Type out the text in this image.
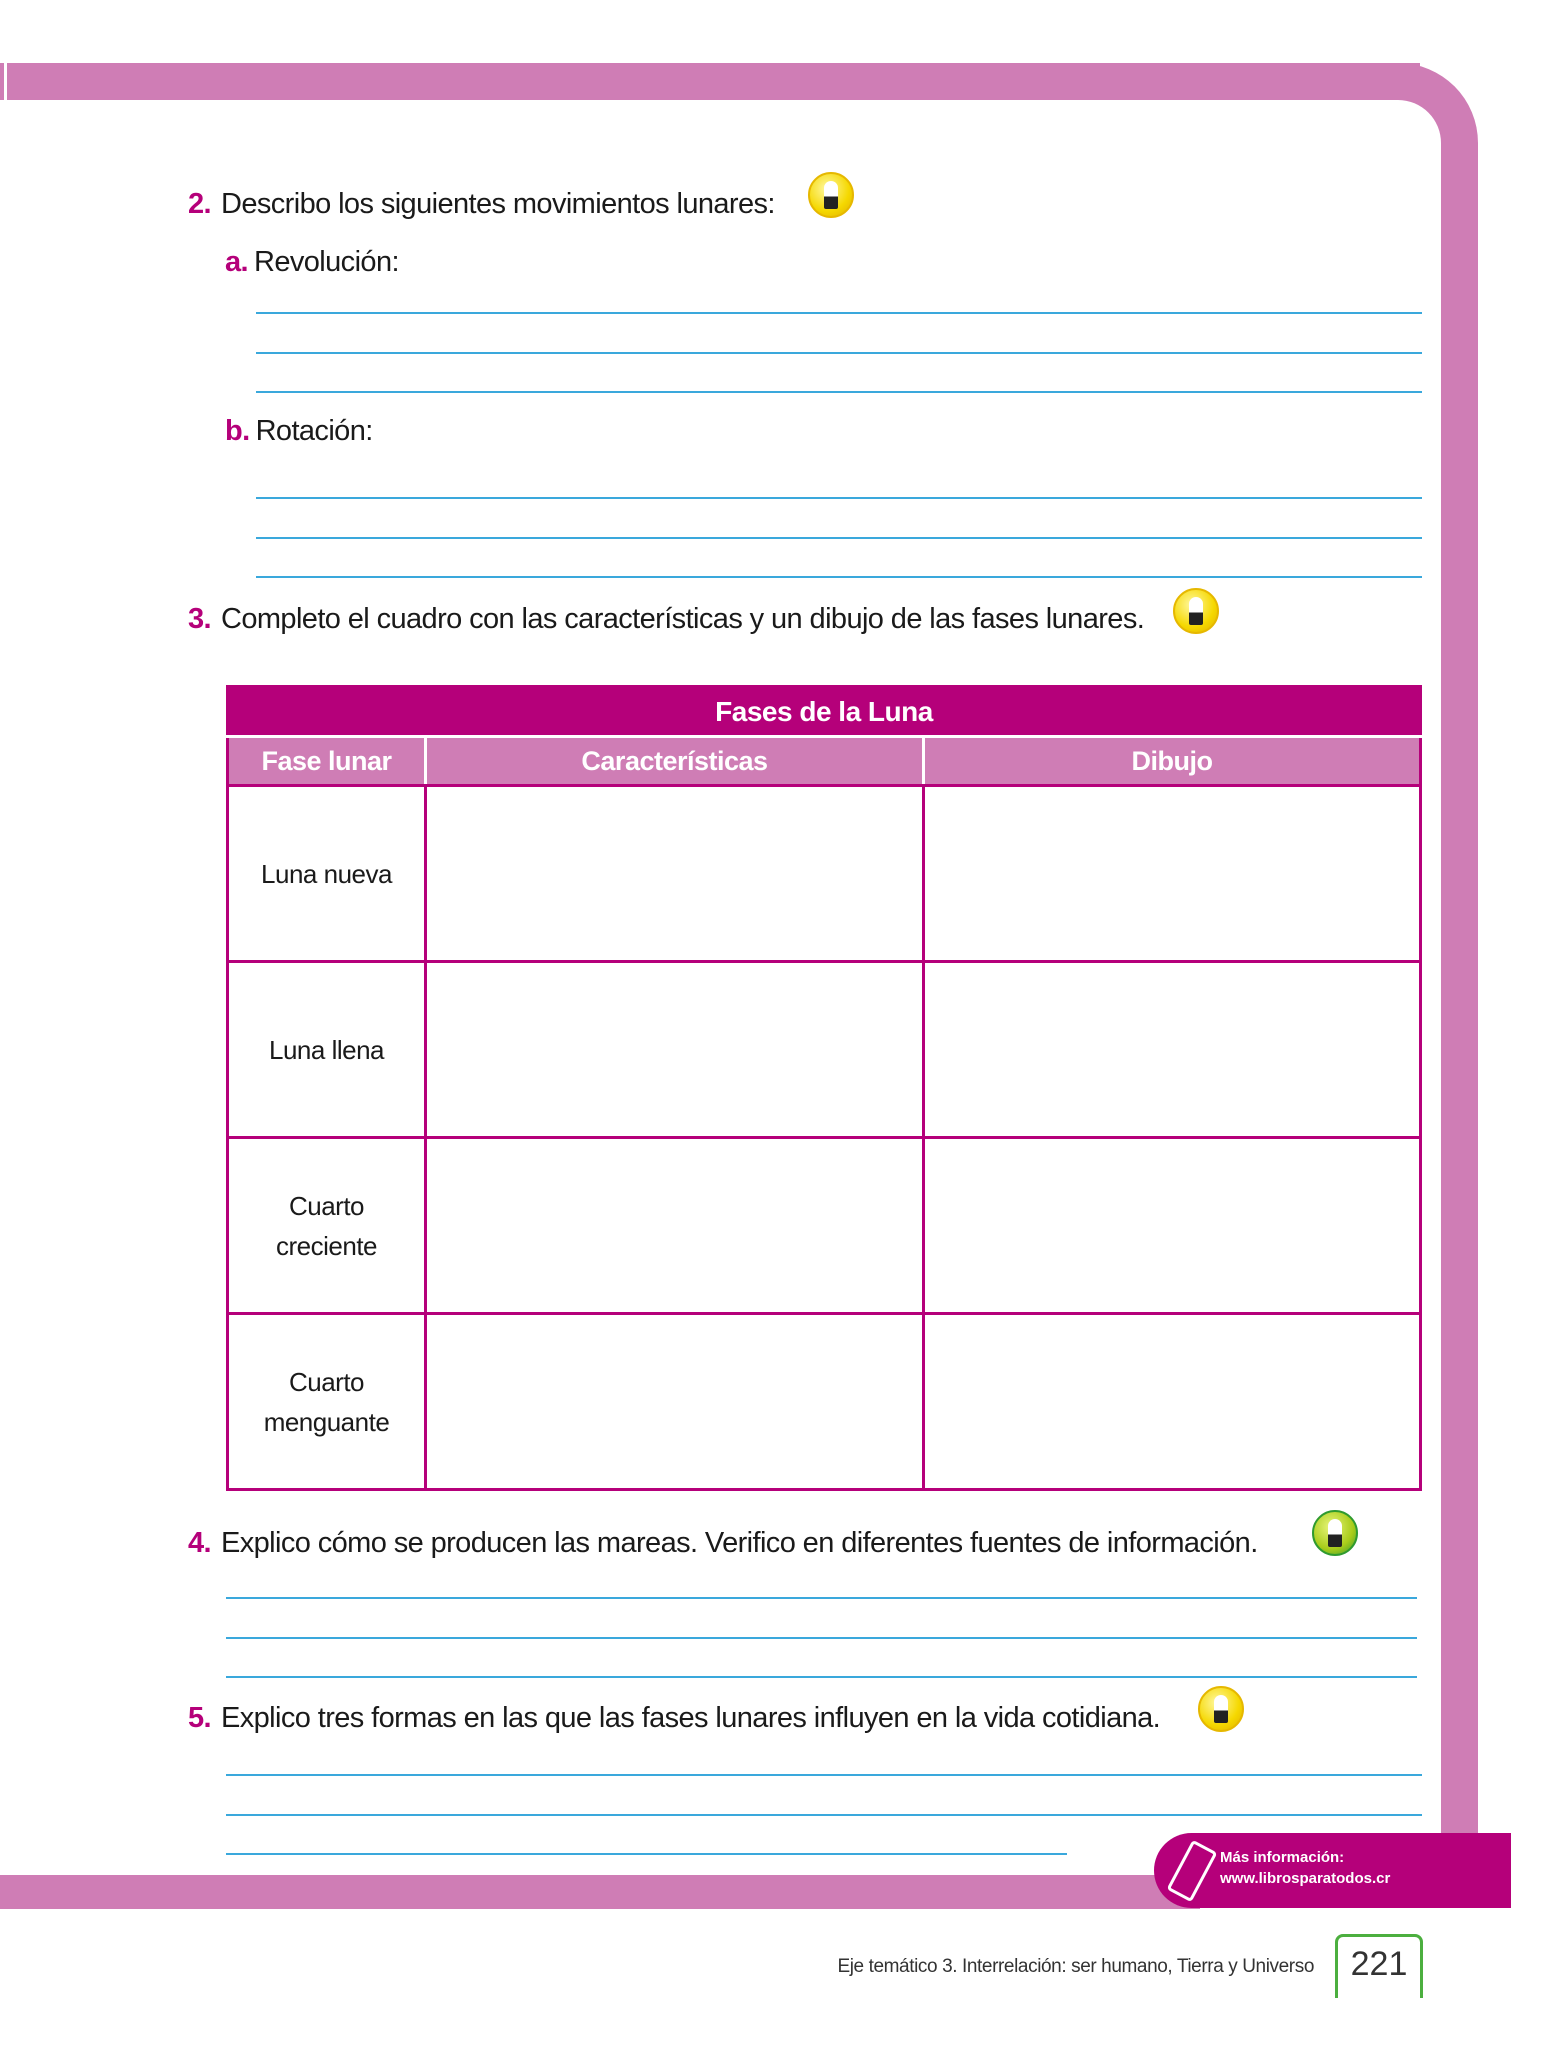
2. Describo los siguientes movimientos lunares:
a. Revolución:
b. Rotación:
3. Completo el cuadro con las características y un dibujo de las fases lunares.
Fases de la Luna		
Fase lunar	Características	Dibujo
Luna nueva		
Luna llena		
Cuarto creciente		
Cuarto menguante		
4. Explico cómo se producen las mareas. Verifico en diferentes fuentes de información.
5. Explico tres formas en las que las fases lunares influyen en la vida cotidiana.
Más información:
www.librosparatodos.cr
Eje temático 3. Interrelación: ser humano, Tierra y Universo	221
